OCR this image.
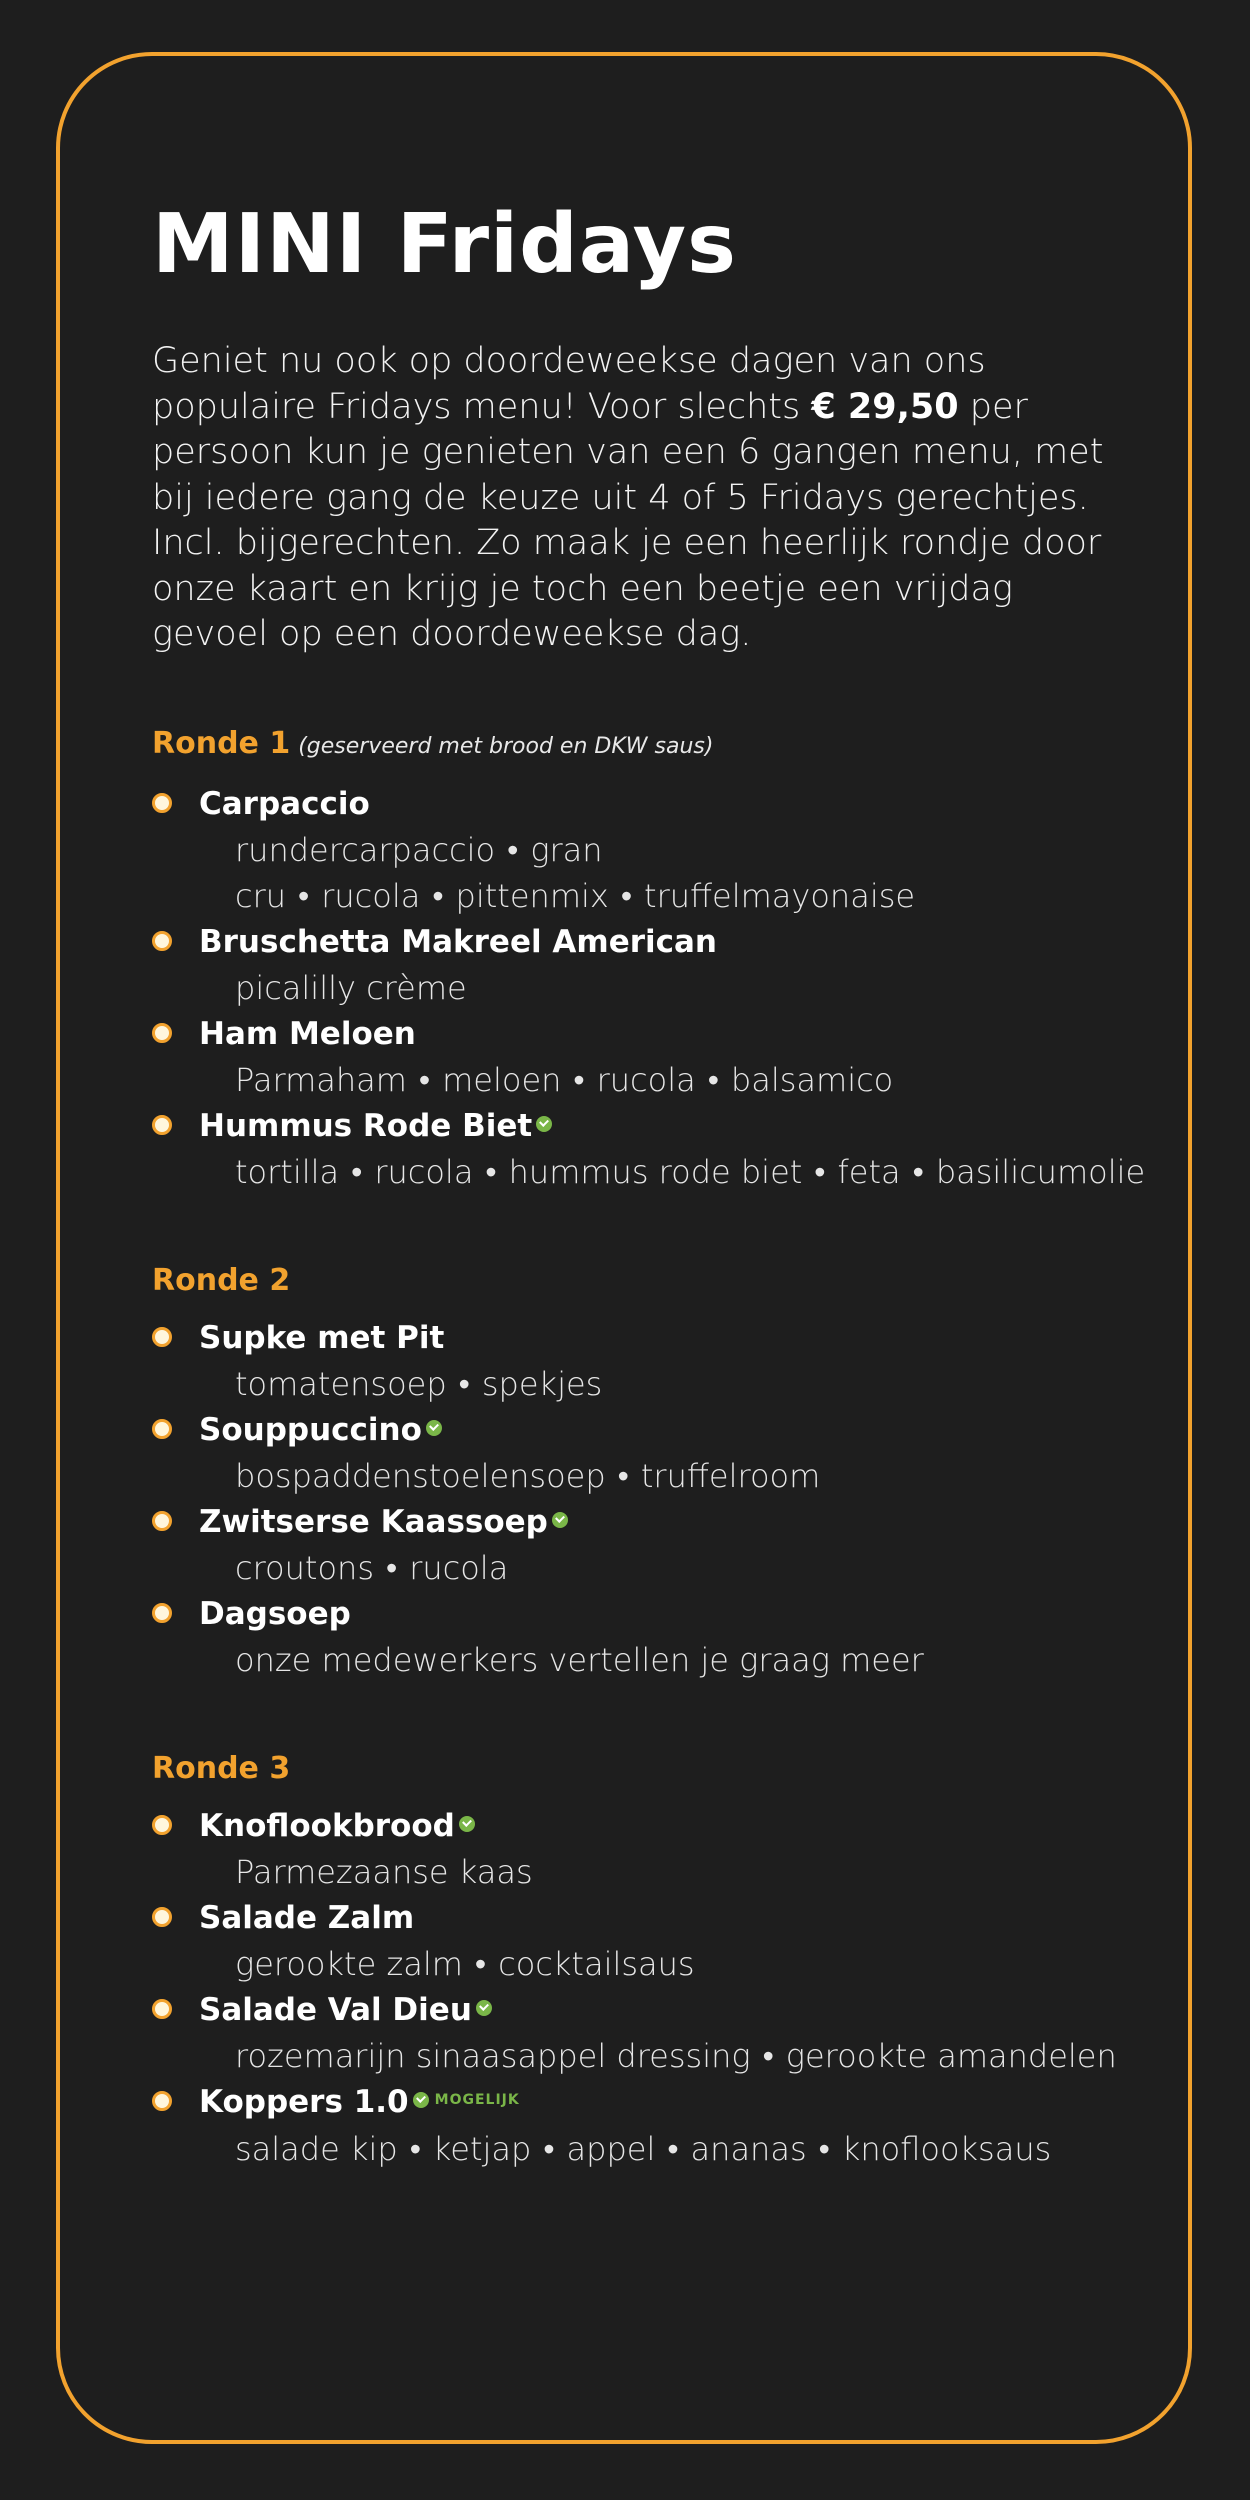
MINI Fridays
Geniet nu ook op doordeweekse dagen van ons populaire Fridays menu! Voor slechts € 29,50 per persoon kun je genieten van een 6 gangen menu, met bij iedere gang de keuze uit 4 of 5 Fridays gerechtjes. Incl. bijgerechten. Zo maak je een heerlijk rondje door onze kaart en krijg je toch een beetje een vrijdag gevoel op een doordeweekse dag.
Ronde 1 (geserveerd met brood en DKW saus)
Carpaccio
rundercarpaccio • gran cru • rucola • pittenmix • truffelmayonaise
Bruschetta Makreel American
picalilly crème
Ham Meloen
Parmaham • meloen • rucola • balsamico
Hummus Rode Biet
tortilla • rucola • hummus rode biet • feta • basilicumolie
Ronde 2
Supke met Pit
tomatensoep • spekjes
Souppuccino
bospaddenstoelensoep • truffelroom
Zwitserse Kaassoep
croutons • rucola
Dagsoep
onze medewerkers vertellen je graag meer
Ronde 3
Knoflookbrood
Parmezaanse kaas
Salade Zalm
gerookte zalm • cocktailsaus
Salade Val Dieu
rozemarijn sinaasappel dressing • gerookte amandelen
Koppers 1.0 MOGELIJK
salade kip • ketjap • appel • ananas • knoflooksaus
